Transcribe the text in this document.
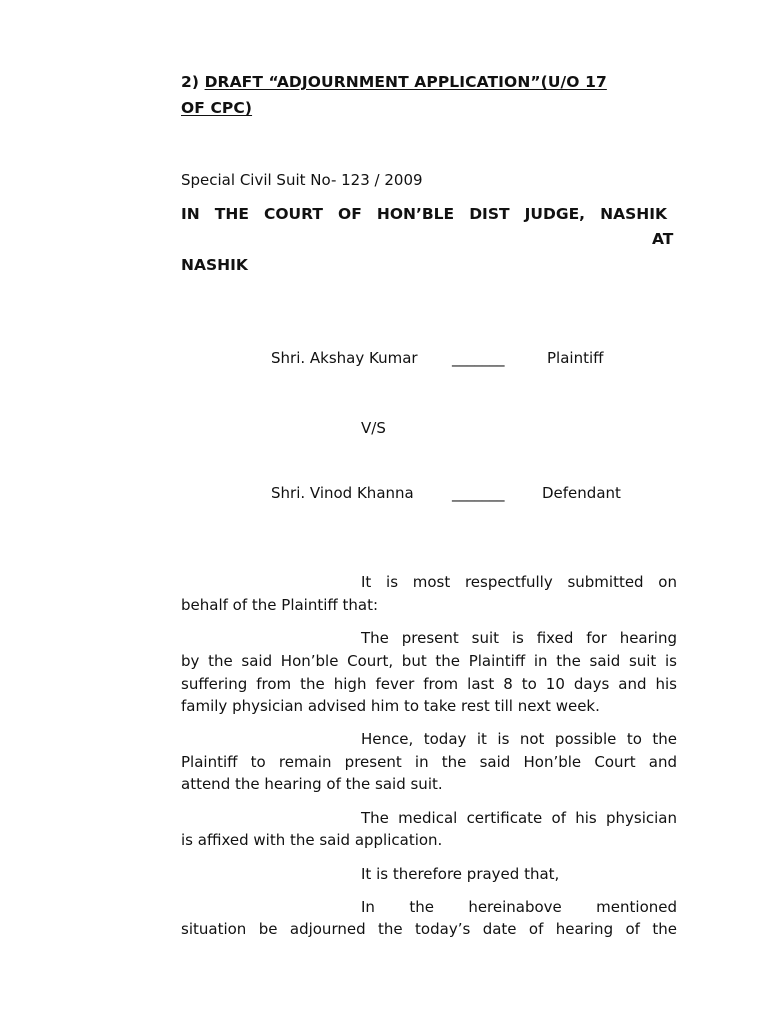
2) DRAFT “ADJOURNMENT APPLICATION”(U/O 17
OF CPC)
Special Civil Suit No- 123 / 2009
IN THE COURT OF HON’BLE DIST JUDGE, NASHIK
AT
NASHIK
Shri. Akshay Kumar _______	Plaintiff
V/S
Shri. Vinod Khanna	_______	Defendant
It is most respectfully submitted on
behalf of the Plaintiff that:
The present suit is fixed for hearing
by the said Hon’ble Court, but the Plaintiff in the said suit is
suffering from the high fever from last 8 to 10 days and his
family physician advised him to take rest till next week.
Hence, today it is not possible to the
Plaintiff to remain present in the said Hon’ble Court and
attend the hearing of the said suit.
The medical certificate of his physician
is affixed with the said application.
It is therefore prayed that,
In the hereinabove mentioned
situation be adjourned the today’s date of hearing of the
